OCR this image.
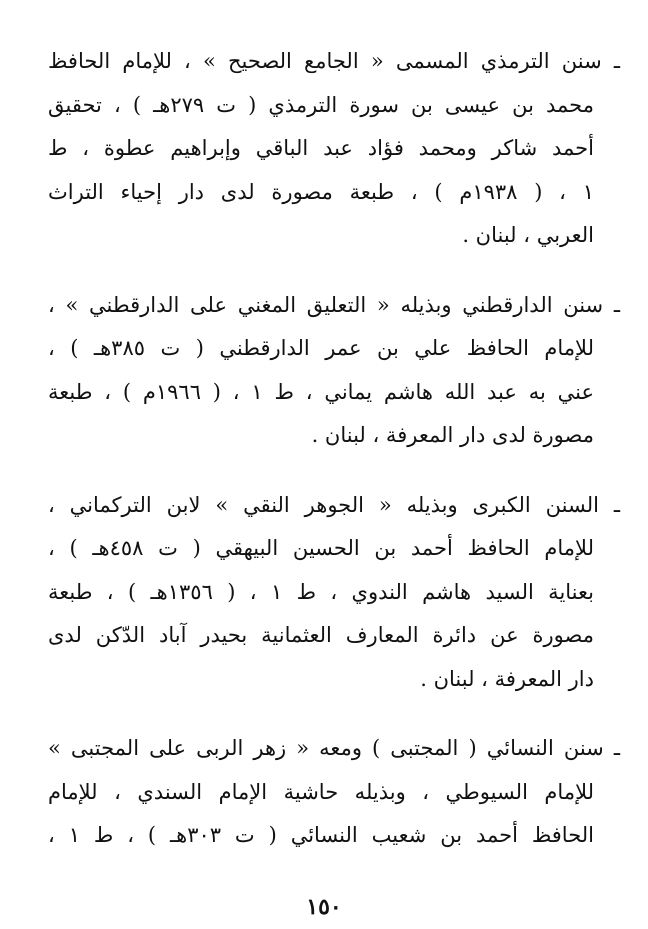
ـ سنن الترمذي المسمى « الجامع الصحيح » ، للإمام الحافظ
محمد بن عيسى بن سورة الترمذي ( ت ٢٧٩هـ ) ، تحقيق
أحمد شاكر ومحمد فؤاد عبد الباقي وإبراهيم عطوة ، ط
١ ، ( ١٩٣٨م ) ، طبعة مصورة لدى دار إحياء التراث
العربي ، لبنان .
ـ سنن الدارقطني وبذيله « التعليق المغني على الدارقطني » ،
للإمام الحافظ علي بن عمر الدارقطني ( ت ٣٨٥هـ ) ،
عني به عبد الله هاشم يماني ، ط ١ ، ( ١٩٦٦م ) ، طبعة
مصورة لدى دار المعرفة ، لبنان .
ـ السنن الكبرى وبذيله « الجوهر النقي » لابن التركماني ،
للإمام الحافظ أحمد بن الحسين البيهقي ( ت ٤٥٨هـ ) ،
بعناية السيد هاشم الندوي ، ط ١ ، ( ١٣٥٦هـ ) ، طبعة
مصورة عن دائرة المعارف العثمانية بحيدر آباد الدّكن لدى
دار المعرفة ، لبنان .
ـ سنن النسائي ( المجتبى ) ومعه « زهر الربى على المجتبى »
للإمام السيوطي ، وبذيله حاشية الإمام السندي ، للإمام
الحافظ أحمد بن شعيب النسائي ( ت ٣٠٣هـ ) ، ط ١ ،
١٥٠
